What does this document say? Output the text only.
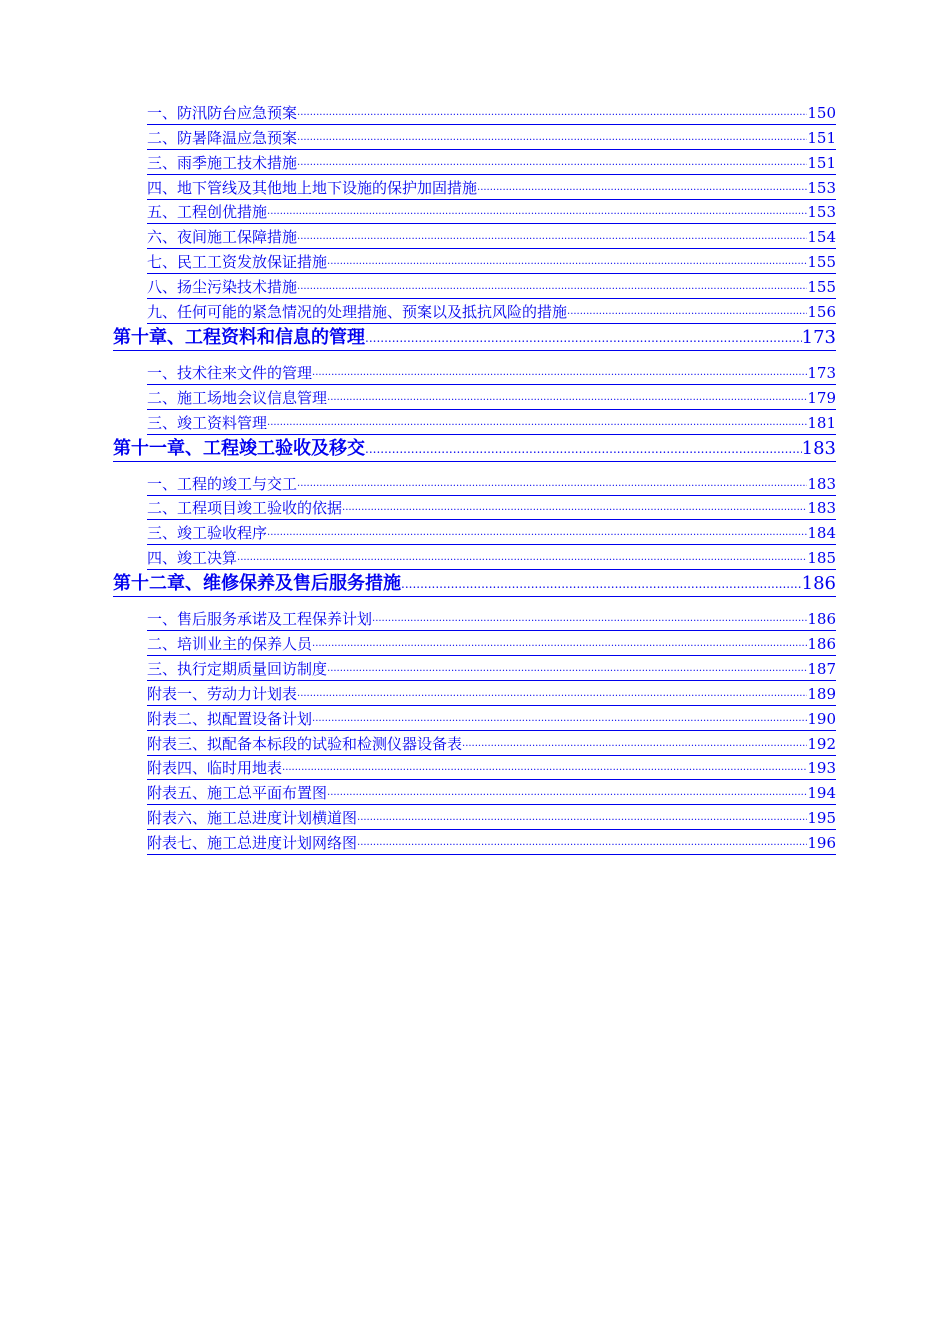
一、防汛防台应急预案 .....	150
二、防暑降温应急预案 .....	151
三、雨季施工技术措施 .....	151
四、地下管线及其他地上地下设施的保护加固措施 .....	153
五、工程创优措施 .....	153
六、夜间施工保障措施 .....	154
七、民工工资发放保证措施 .....	155
八、扬尘污染技术措施 .....	155
九、任何可能的紧急情况的处理措施、预案以及抵抗风险的措施 .....	156
第十章、工程资料和信息的管理 .....	173
一、技术往来文件的管理 .....	173
二、施工场地会议信息管理 .....	179
三、竣工资料管理 .....	181
第十一章、工程竣工验收及移交 .....	183
一、工程的竣工与交工 .....	183
二、工程项目竣工验收的依据 .....	183
三、竣工验收程序 .....	184
四、竣工决算 .....	185
第十二章、维修保养及售后服务措施 .....	186
一、售后服务承诺及工程保养计划 .....	186
二、培训业主的保养人员 .....	186
三、执行定期质量回访制度 .....	187
附表一、劳动力计划表 .....	189
附表二、拟配置设备计划 .....	190
附表三、拟配备本标段的试验和检测仪器设备表 .....	192
附表四、临时用地表 .....	193
附表五、施工总平面布置图 .....	194
附表六、施工总进度计划横道图 .....	195
附表七、施工总进度计划网络图 .....	196
